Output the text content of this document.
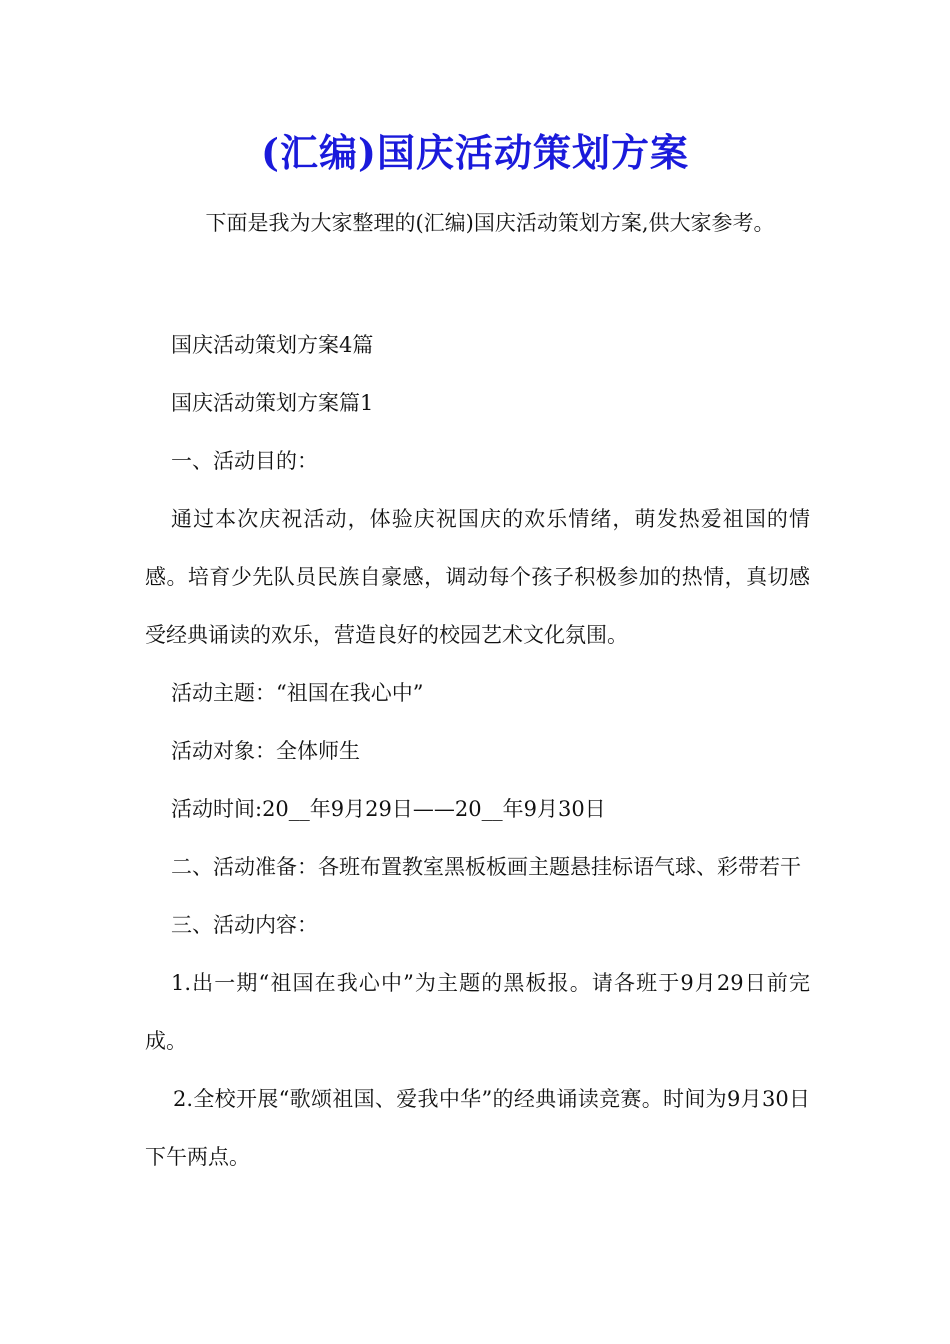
(汇编)国庆活动策划方案

下面是我为大家整理的(汇编)国庆活动策划方案,供大家参考。

国庆活动策划方案4篇

国庆活动策划方案篇1

一、活动目的：

通过本次庆祝活动，体验庆祝国庆的欢乐情绪，萌发热爱祖国的情感。培育少先队员民族自豪感，调动每个孩子积极参加的热情，真切感受经典诵读的欢乐，营造良好的校园艺术文化氛围。

活动主题：“祖国在我心中”

活动对象：全体师生

活动时间:20__年9月29日——20__年9月30日

二、活动准备：各班布置教室黑板板画主题悬挂标语气球、彩带若干

三、活动内容：

1.出一期“祖国在我心中”为主题的黑板报。请各班于9月29日前完成。

2.全校开展“歌颂祖国、爱我中华”的经典诵读竞赛。时间为9月30日下午两点。
